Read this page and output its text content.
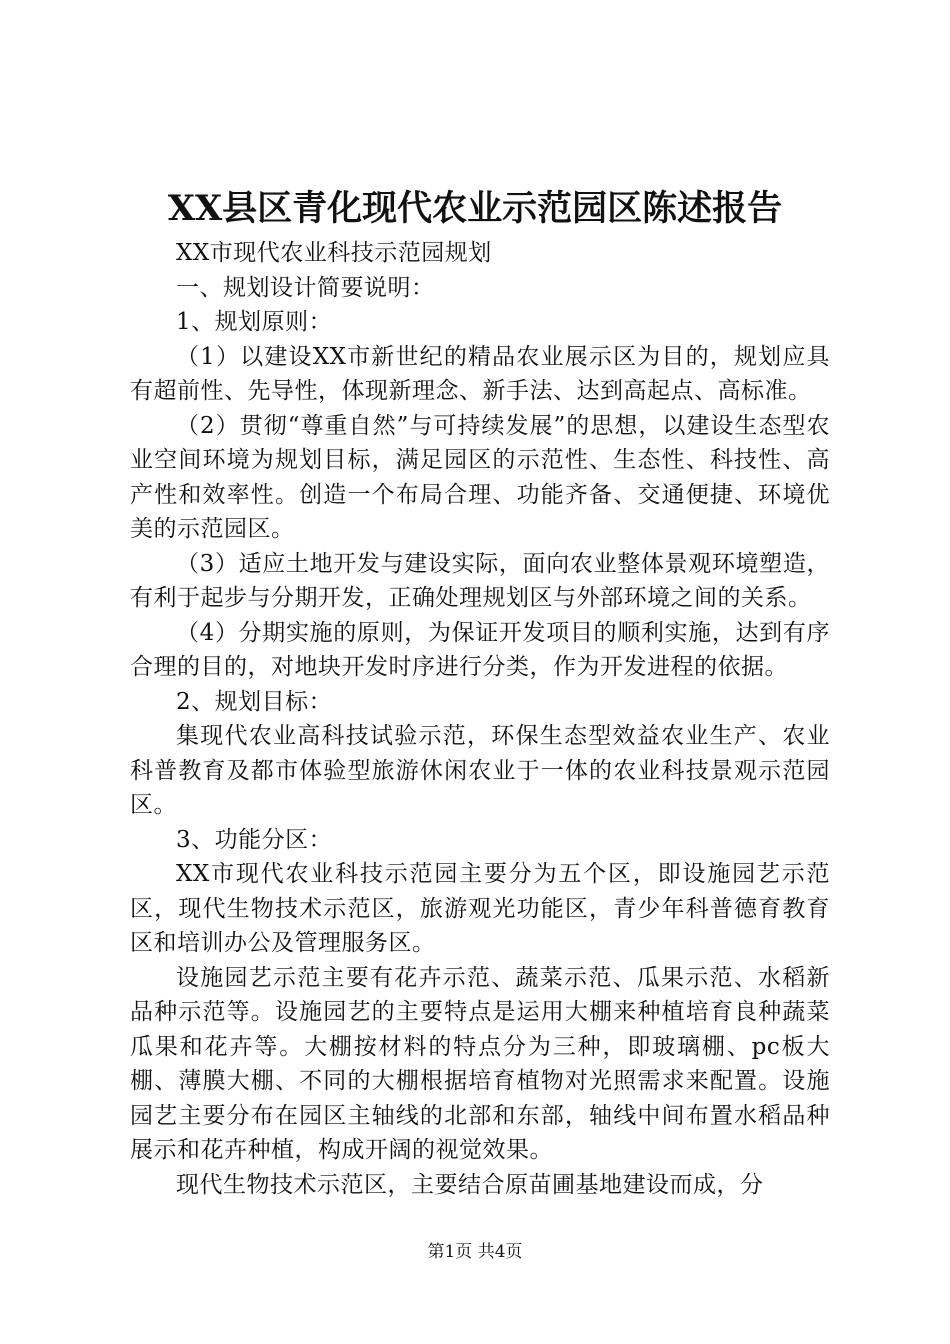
XX县区青化现代农业示范园区陈述报告

XX市现代农业科技示范园规划

一、规划设计简要说明：

1、规划原则：

（1）以建设XX市新世纪的精品农业展示区为目的，规划应具有超前性、先导性，体现新理念、新手法、达到高起点、高标准。

（2）贯彻“尊重自然”与可持续发展”的思想，以建设生态型农业空间环境为规划目标，满足园区的示范性、生态性、科技性、高产性和效率性。创造一个布局合理、功能齐备、交通便捷、环境优美的示范园区。

（3）适应土地开发与建设实际，面向农业整体景观环境塑造，有利于起步与分期开发，正确处理规划区与外部环境之间的关系。

（4）分期实施的原则，为保证开发项目的顺利实施，达到有序合理的目的，对地块开发时序进行分类，作为开发进程的依据。

2、规划目标：

集现代农业高科技试验示范，环保生态型效益农业生产、农业科普教育及都市体验型旅游休闲农业于一体的农业科技景观示范园区。

3、功能分区：

XX市现代农业科技示范园主要分为五个区，即设施园艺示范区，现代生物技术示范区，旅游观光功能区，青少年科普德育教育区和培训办公及管理服务区。

设施园艺示范主要有花卉示范、蔬菜示范、瓜果示范、水稻新品种示范等。设施园艺的主要特点是运用大棚来种植培育良种蔬菜瓜果和花卉等。大棚按材料的特点分为三种，即玻璃棚、pc板大棚、薄膜大棚、不同的大棚根据培育植物对光照需求来配置。设施园艺主要分布在园区主轴线的北部和东部，轴线中间布置水稻品种展示和花卉种植，构成开阔的视觉效果。

现代生物技术示范区，主要结合原苗圃基地建设而成，分

第1页 共4页
